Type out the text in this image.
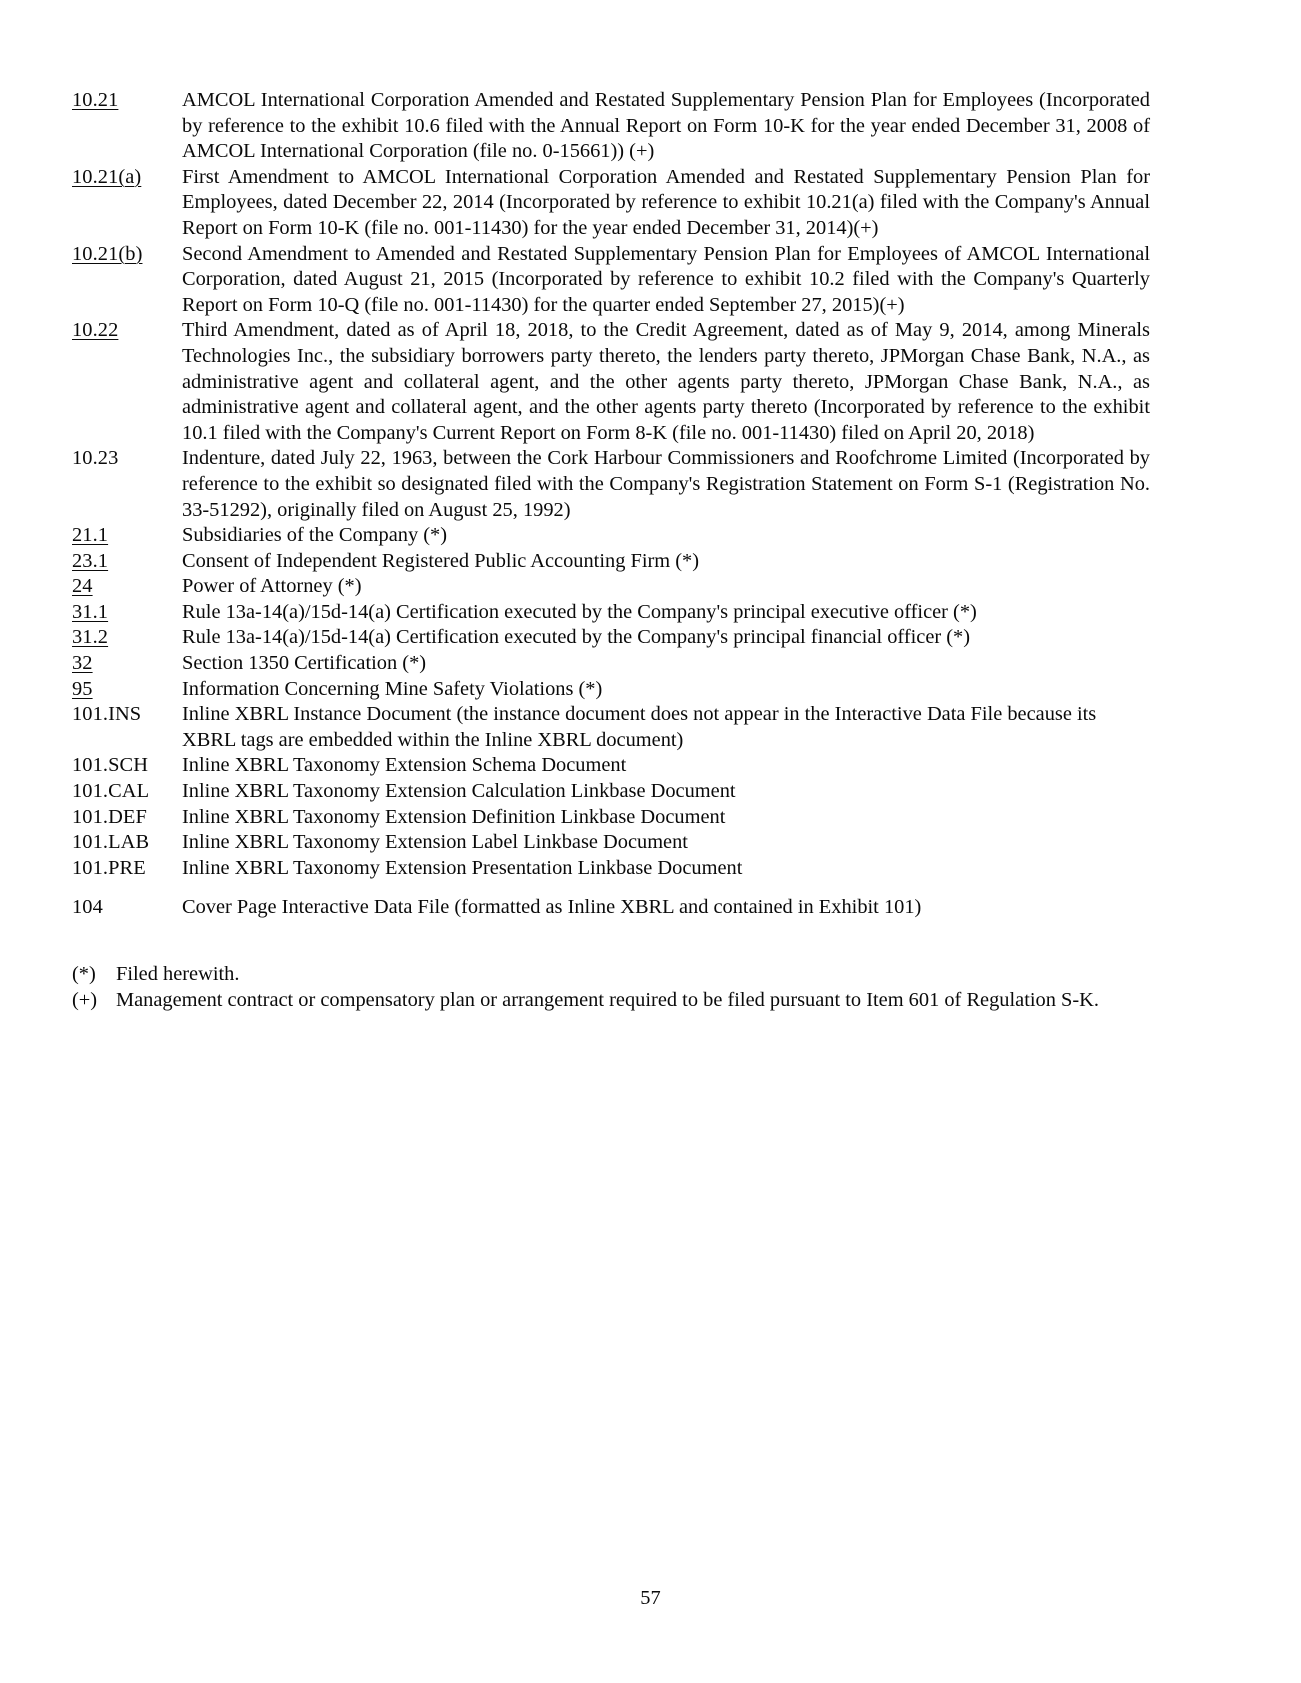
10.21	AMCOL International Corporation Amended and Restated Supplementary Pension Plan for Employees (Incorporated by reference to the exhibit 10.6 filed with the Annual Report on Form 10-K for the year ended December 31, 2008 of AMCOL International Corporation (file no. 0-15661)) (+)
10.21(a)	First Amendment to AMCOL International Corporation Amended and Restated Supplementary Pension Plan for Employees, dated December 22, 2014 (Incorporated by reference to exhibit 10.21(a) filed with the Company's Annual Report on Form 10-K (file no. 001-11430) for the year ended December 31, 2014)(+)
10.21(b)	Second Amendment to Amended and Restated Supplementary Pension Plan for Employees of AMCOL International Corporation, dated August 21, 2015 (Incorporated by reference to exhibit 10.2 filed with the Company's Quarterly Report on Form 10-Q (file no. 001-11430) for the quarter ended September 27, 2015)(+)
10.22	Third Amendment, dated as of April 18, 2018, to the Credit Agreement, dated as of May 9, 2014, among Minerals Technologies Inc., the subsidiary borrowers party thereto, the lenders party thereto, JPMorgan Chase Bank, N.A., as administrative agent and collateral agent, and the other agents party thereto, JPMorgan Chase Bank, N.A., as administrative agent and collateral agent, and the other agents party thereto (Incorporated by reference to the exhibit 10.1 filed with the Company's Current Report on Form 8-K (file no. 001-11430) filed on April 20, 2018)
10.23	Indenture, dated July 22, 1963, between the Cork Harbour Commissioners and Roofchrome Limited (Incorporated by reference to the exhibit so designated filed with the Company's Registration Statement on Form S-1 (Registration No. 33-51292), originally filed on August 25, 1992)
21.1	Subsidiaries of the Company (*)
23.1	Consent of Independent Registered Public Accounting Firm (*)
24	Power of Attorney (*)
31.1	Rule 13a-14(a)/15d-14(a) Certification executed by the Company's principal executive officer (*)
31.2	Rule 13a-14(a)/15d-14(a) Certification executed by the Company's principal financial officer (*)
32	Section 1350 Certification (*)
95	Information Concerning Mine Safety Violations (*)
101.INS	Inline XBRL Instance Document (the instance document does not appear in the Interactive Data File because its XBRL tags are embedded within the Inline XBRL document)
101.SCH	Inline XBRL Taxonomy Extension Schema Document
101.CAL	Inline XBRL Taxonomy Extension Calculation Linkbase Document
101.DEF	Inline XBRL Taxonomy Extension Definition Linkbase Document
101.LAB	Inline XBRL Taxonomy Extension Label Linkbase Document
101.PRE	Inline XBRL Taxonomy Extension Presentation Linkbase Document
104	Cover Page Interactive Data File (formatted as Inline XBRL and contained in Exhibit 101)
(*) Filed herewith.
(+) Management contract or compensatory plan or arrangement required to be filed pursuant to Item 601 of Regulation S-K.
57
